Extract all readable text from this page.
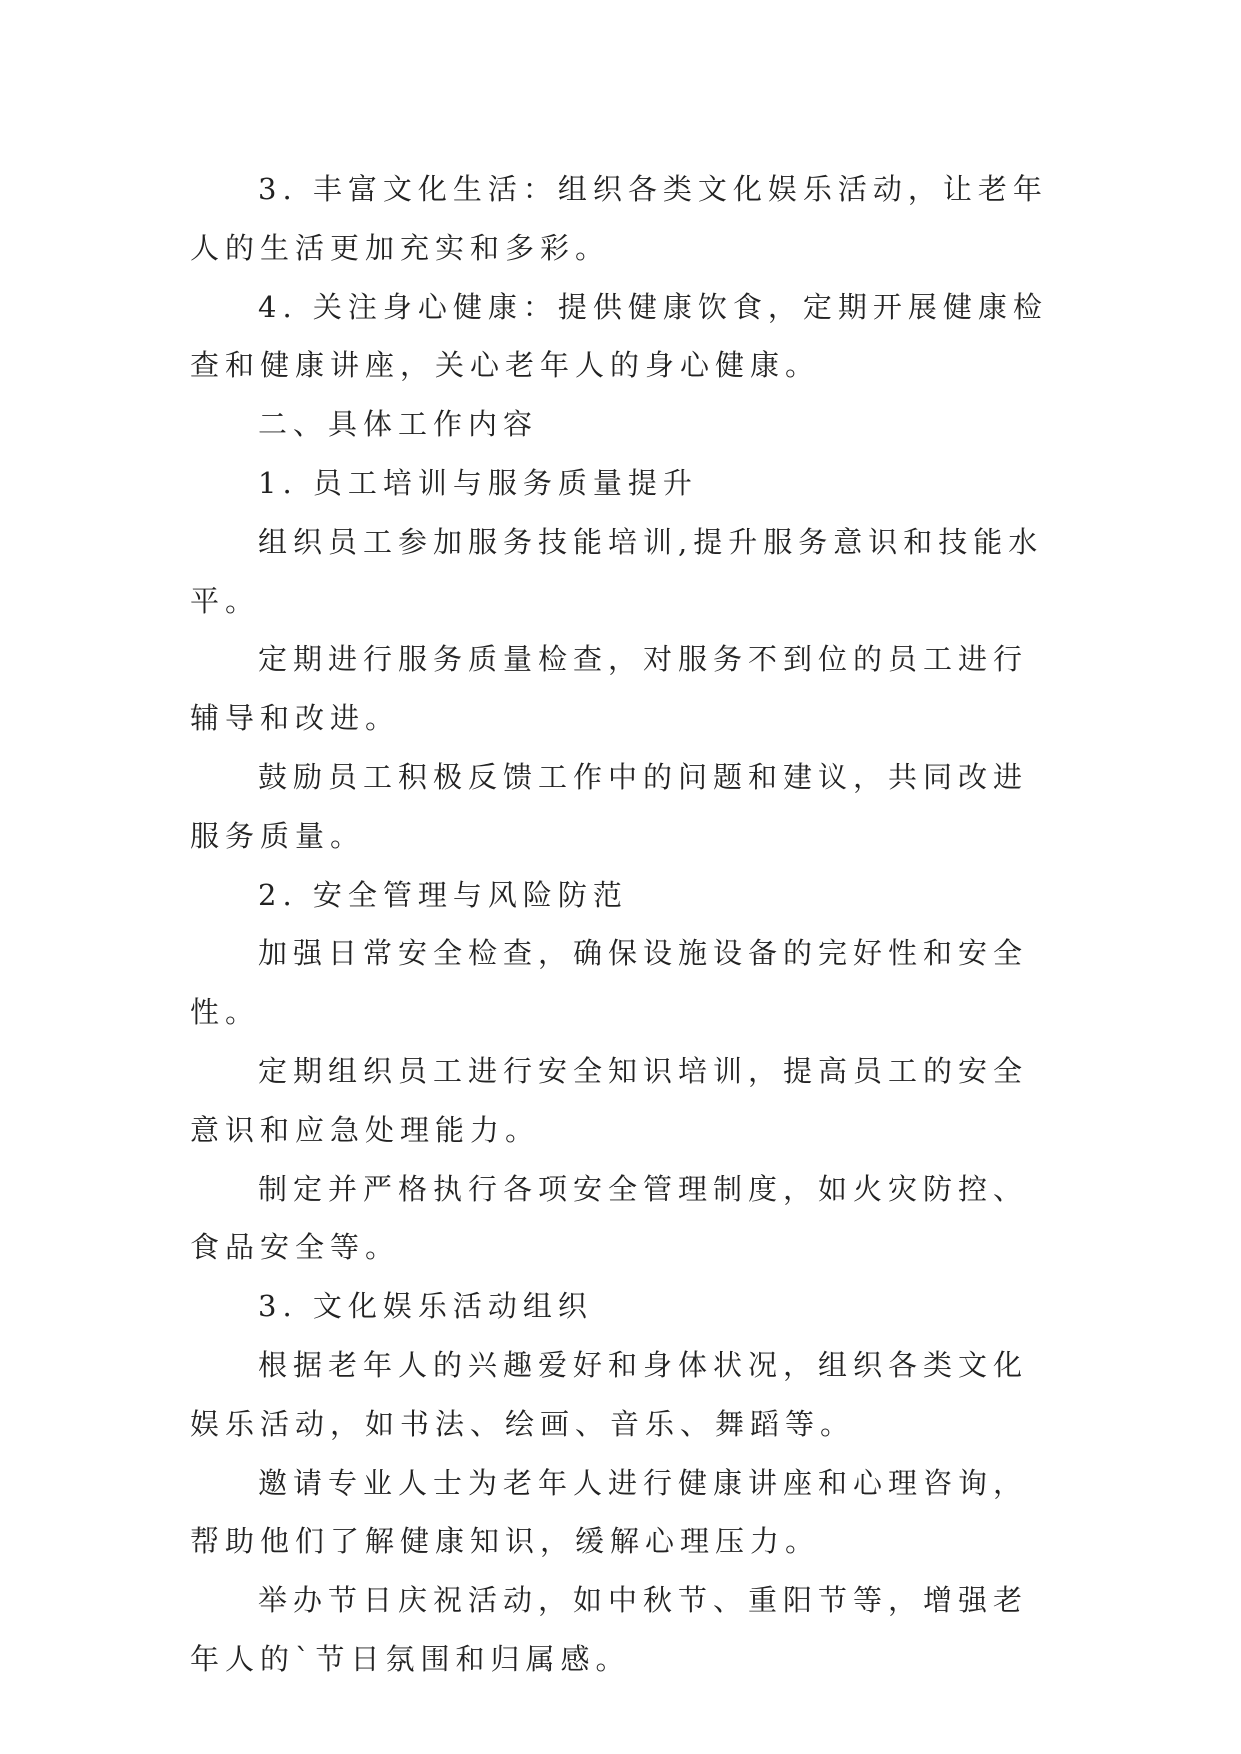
3. 丰富文化生活：组织各类文化娱乐活动，让老年人的生活更加充实和多彩。

4. 关注身心健康：提供健康饮食，定期开展健康检查和健康讲座，关心老年人的身心健康。

二、具体工作内容

1. 员工培训与服务质量提升

组织员工参加服务技能培训,提升服务意识和技能水平。

定期进行服务质量检查，对服务不到位的员工进行辅导和改进。

鼓励员工积极反馈工作中的问题和建议，共同改进服务质量。

2. 安全管理与风险防范

加强日常安全检查，确保设施设备的完好性和安全性。

定期组织员工进行安全知识培训，提高员工的安全意识和应急处理能力。

制定并严格执行各项安全管理制度，如火灾防控、食品安全等。

3. 文化娱乐活动组织

根据老年人的兴趣爱好和身体状况，组织各类文化娱乐活动，如书法、绘画、音乐、舞蹈等。

邀请专业人士为老年人进行健康讲座和心理咨询，帮助他们了解健康知识，缓解心理压力。

举办节日庆祝活动，如中秋节、重阳节等，增强老年人的`节日氛围和归属感。
